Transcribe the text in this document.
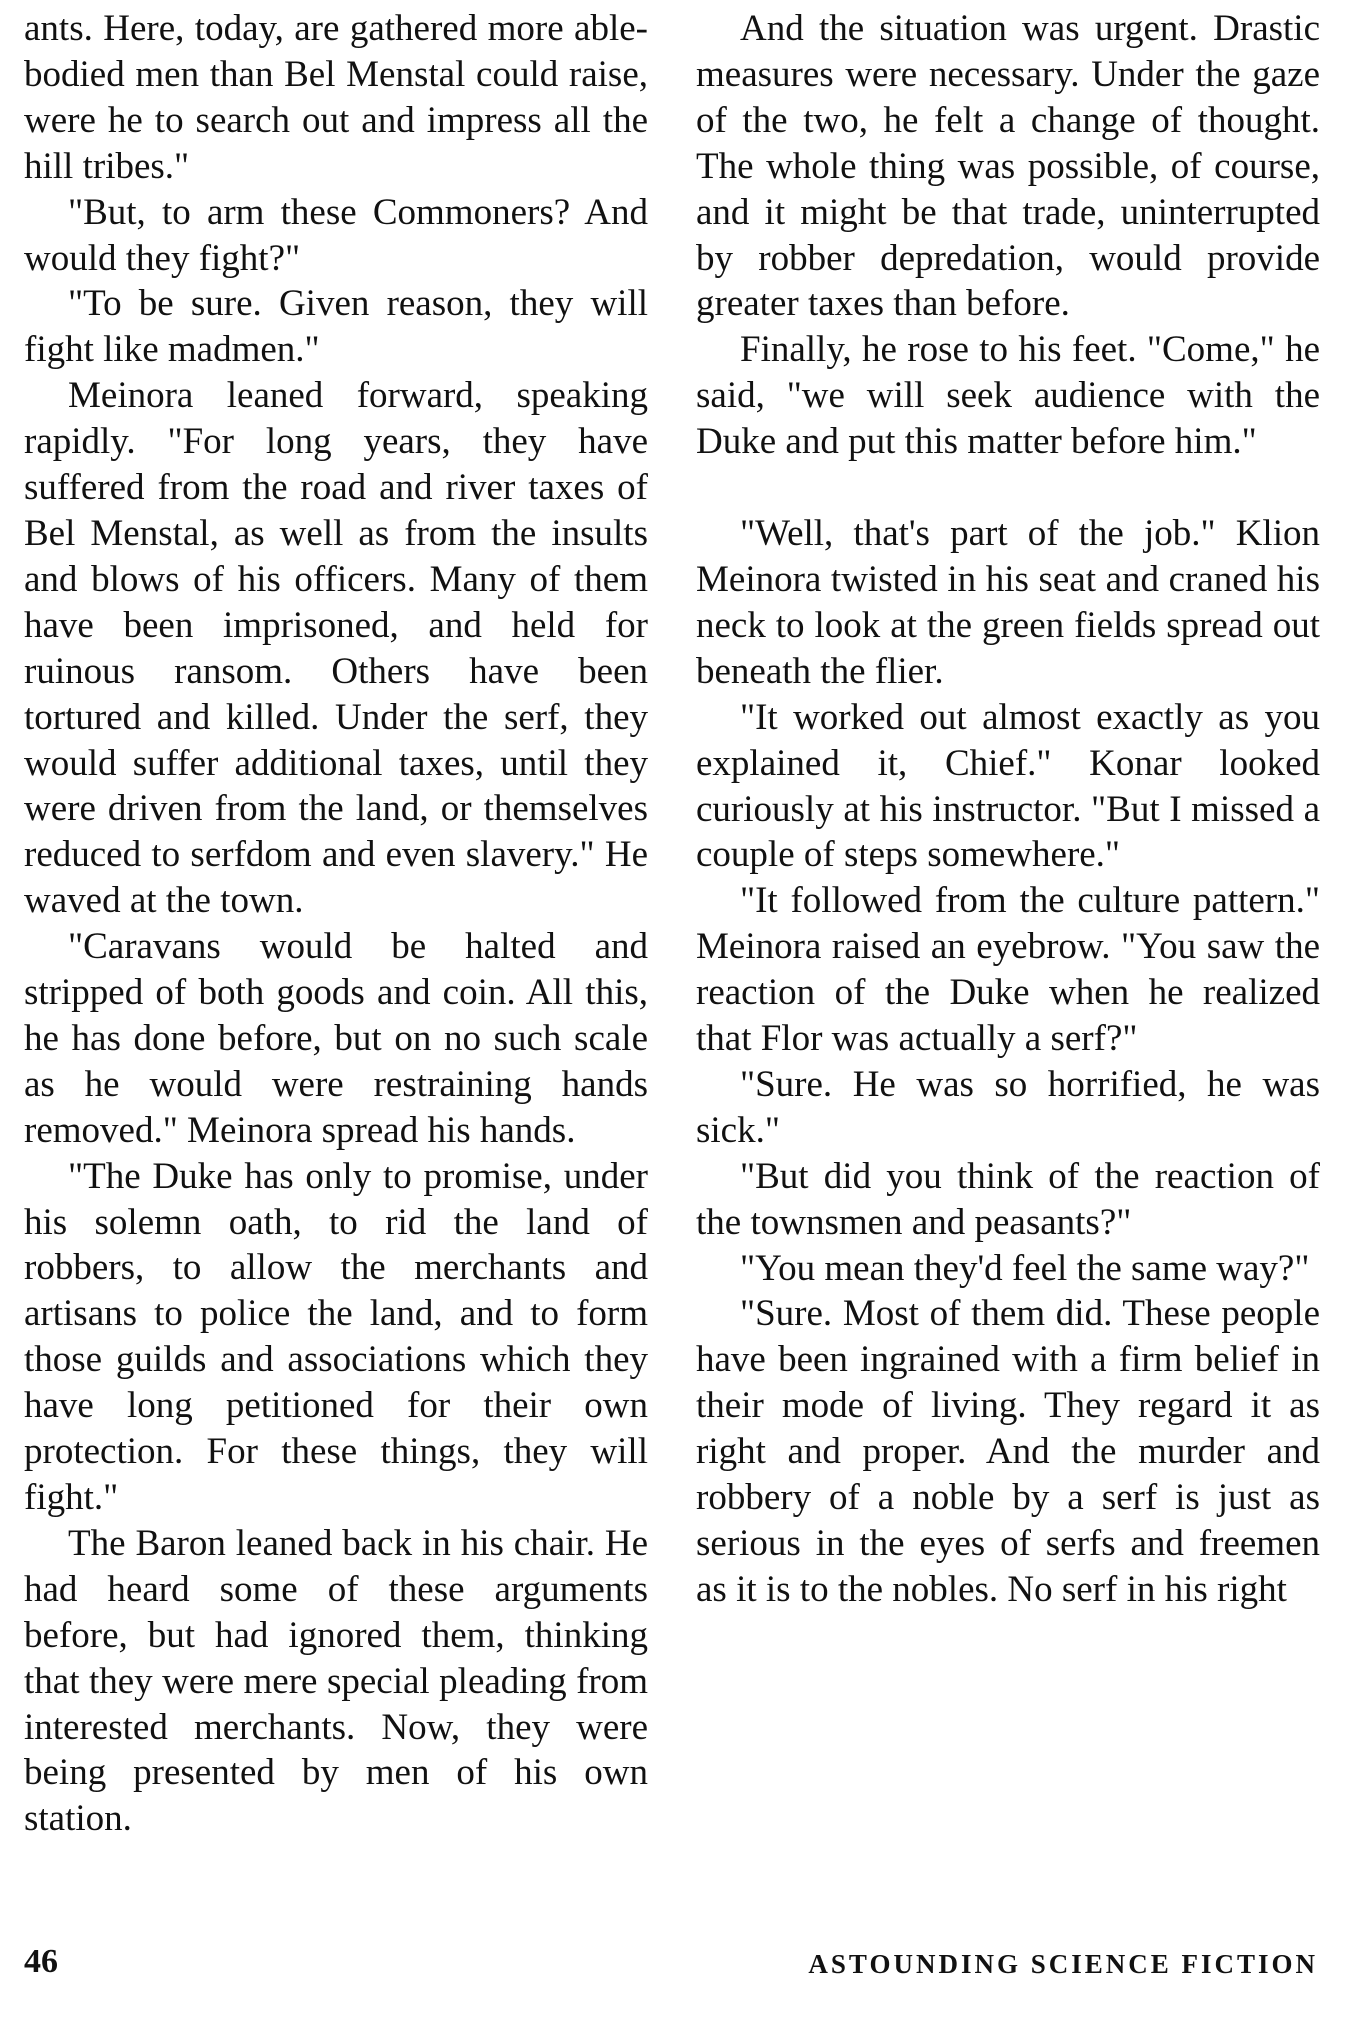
ants. Here, today, are gathered more able-bodied men than Bel Menstal could raise, were he to search out and impress all the hill tribes."

"But, to arm these Commoners? And would they fight?"

"To be sure. Given reason, they will fight like madmen."

Meinora leaned forward, speaking rapidly. "For long years, they have suffered from the road and river taxes of Bel Menstal, as well as from the insults and blows of his officers. Many of them have been imprisoned, and held for ruinous ransom. Others have been tortured and killed. Under the serf, they would suffer additional taxes, until they were driven from the land, or themselves reduced to serfdom and even slavery." He waved at the town.

"Caravans would be halted and stripped of both goods and coin. All this, he has done before, but on no such scale as he would were restraining hands removed." Meinora spread his hands.

"The Duke has only to promise, under his solemn oath, to rid the land of robbers, to allow the merchants and artisans to police the land, and to form those guilds and associations which they have long petitioned for their own protection. For these things, they will fight."

The Baron leaned back in his chair. He had heard some of these arguments before, but had ignored them, thinking that they were mere special pleading from interested merchants. Now, they were being presented by men of his own station.

And the situation was urgent. Drastic measures were necessary. Under the gaze of the two, he felt a change of thought. The whole thing was possible, of course, and it might be that trade, uninterrupted by robber depredation, would provide greater taxes than before.

Finally, he rose to his feet. "Come," he said, "we will seek audience with the Duke and put this matter before him."

"Well, that's part of the job." Klion Meinora twisted in his seat and craned his neck to look at the green fields spread out beneath the flier.

"It worked out almost exactly as you explained it, Chief." Konar looked curiously at his instructor. "But I missed a couple of steps somewhere."

"It followed from the culture pattern." Meinora raised an eyebrow. "You saw the reaction of the Duke when he realized that Flor was actually a serf?"

"Sure. He was so horrified, he was sick."

"But did you think of the reaction of the townsmen and peasants?"

"You mean they'd feel the same way?"

"Sure. Most of them did. These people have been ingrained with a firm belief in their mode of living. They regard it as right and proper. And the murder and robbery of a noble by a serf is just as serious in the eyes of serfs and freemen as it is to the nobles. No serf in his right

46	ASTOUNDING SCIENCE FICTION
